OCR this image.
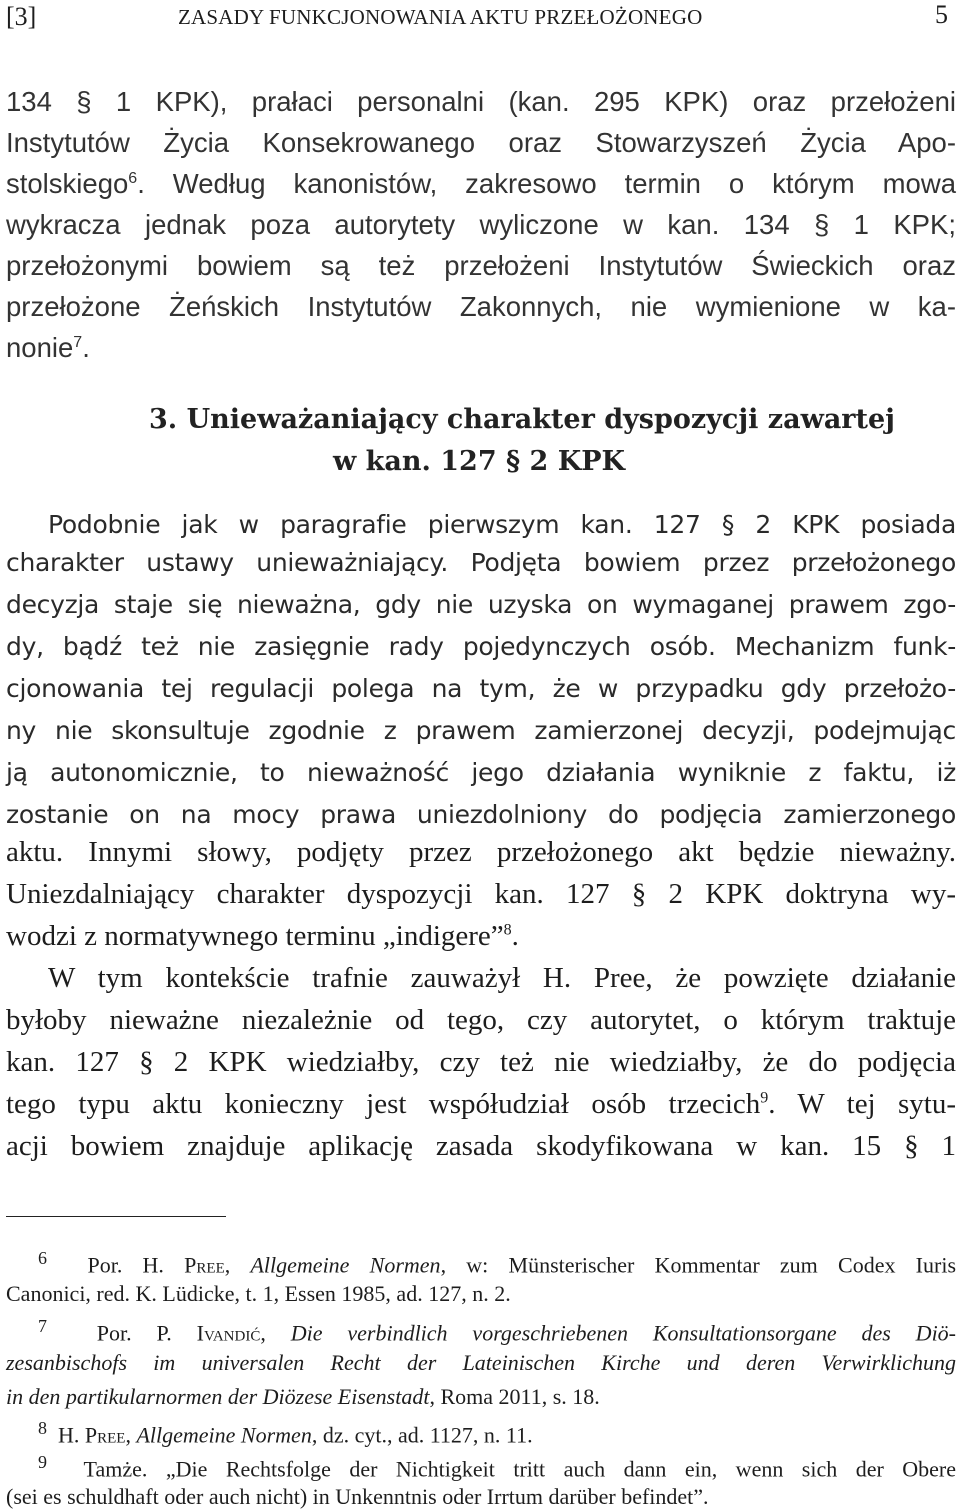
[3]	ZASADY FUNKCJONOWANIA AKTU PRZEŁOŻONEGO	5
134 § 1 KPK), prałaci personalni (kan. 295 KPK) oraz przełożeni
Instytutów Życia Konsekrowanego oraz Stowarzyszeń Życia Apo-
stolskiego$^6$. Według kanonistów, zakresowo termin o którym mowa
wykracza jednak poza autorytety wyliczone w kan. 134 § 1 KPK;
przełożonymi bowiem są też przełożeni Instytutów Świeckich oraz
przełożone Żeńskich Instytutów Zakonnych, nie wymienione w ka-
nonie$^7$.
3. Unieważaniający charakter dyspozycji zawartej
w kan. 127 § 2 KPK
Podobnie jak w paragrafie pierwszym kan. 127 § 2 KPK posiada
charakter ustawy unieważniający. Podjęta bowiem przez przełożonego
decyzja staje się nieważna, gdy nie uzyska on wymaganej prawem zgo-
dy, bądź też nie zasięgnie rady pojedynczych osób. Mechanizm funk-
cjonowania tej regulacji polega na tym, że w przypadku gdy przełożo-
ny nie skonsultuje zgodnie z prawem zamierzonej decyzji, podejmując
ją autonomicznie, to nieważność jego działania wyniknie z faktu, iż
zostanie on na mocy prawa uniezdolniony do podjęcia zamierzonego
aktu. Innymi słowy, podjęty przez przełożonego akt będzie nieważny.
Uniezdalniający charakter dyspozycji kan. 127 § 2 KPK doktryna wy-
wodzi z normatywnego terminu „indigere”$^8$.
W tym kontekście trafnie zauważył H. Pree, że powzięte działanie
byłoby nieważne niezależnie od tego, czy autorytet, o którym traktuje
kan. 127 § 2 KPK wiedziałby, czy też nie wiedziałby, że do podjęcia
tego typu aktu konieczny jest współudział osób trzecich$^9$. W tej sytu-
acji bowiem znajduje aplikację zasada skodyfikowana w kan. 15 § 1
$^6$ Por. H. Pree, Allgemeine Normen, w: Münsterischer Kommentar zum Codex Iuris
Canonici, red. K. Lüdicke, t. 1, Essen 1985, ad. 127, n. 2.
$^7$ Por. P. Ivandić, Die verbindlich vorgeschriebenen Konsultationsorgane des Diö-
zesanbischofs im universalen Recht der Lateinischen Kirche und deren Verwirklichung
in den partikularnormen der Diözese Eisenstadt, Roma 2011, s. 18.
$^8$ H. Pree, Allgemeine Normen, dz. cyt., ad. 1127, n. 11.
$^9$ Tamże. „Die Rechtsfolge der Nichtigkeit tritt auch dann ein, wenn sich der Obere
(sei es schuldhaft oder auch nicht) in Unkenntnis oder Irrtum darüber befindet”.
